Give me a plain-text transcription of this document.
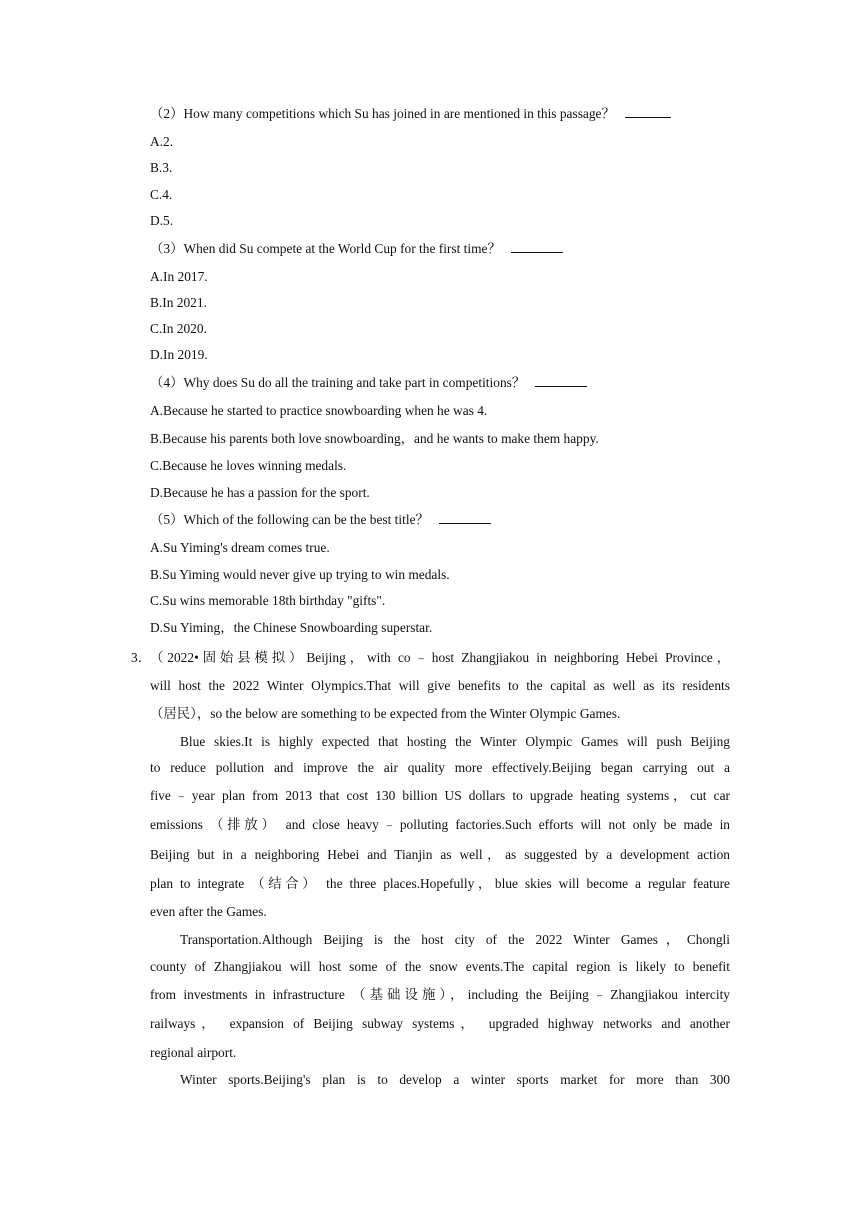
（2）How many competitions which Su has joined in are mentioned in this passage？
A.2.
B.3.
C.4.
D.5.
（3）When did Su compete at the World Cup for the first time？
A.In 2017.
B.In 2021.
C.In 2020.
D.In 2019.
（4）Why does Su do all the training and take part in competitions？
A.Because he started to practice snowboarding when he was 4.
B.Because his parents both love snowboarding，and he wants to make them happy.
C.Because he loves winning medals.
D.Because he has a passion for the sport.
（5）Which of the following can be the best title？
A.Su Yiming's dream comes true.
B.Su Yiming would never give up trying to win medals.
C.Su wins memorable 18th birthday "gifts".
D.Su Yiming，the Chinese Snowboarding superstar.
3．
（2022•固始县模拟）Beijing，with co﹣host Zhangjiakou in neighboring Hebei Province，
will host the 2022 Winter Olympics.That will give benefits to the capital as well as its residents
（居民），so the below are something to be expected from the Winter Olympic Games.
Blue skies.It is highly expected that hosting the Winter Olympic Games will push Beijing
to reduce pollution and improve the air quality more effectively.Beijing began carrying out a
five﹣year plan from 2013 that cost 130 billion US dollars to upgrade heating systems，cut car
emissions （排放） and close heavy﹣polluting factories.Such efforts will not only be made in
Beijing but in a neighboring Hebei and Tianjin as well，as suggested by a development action
plan to integrate （结合） the three places.Hopefully，blue skies will become a regular feature
even after the Games.
Transportation.Although Beijing is the host city of the 2022 Winter Games，Chongli
county of Zhangjiakou will host some of the snow events.The capital region is likely to benefit
from investments in infrastructure （基础设施），including the Beijing﹣Zhangjiakou intercity
railways， expansion of Beijing subway systems， upgraded highway networks and another
regional airport.
Winter sports.Beijing's plan is to develop a winter sports market for more than 300
